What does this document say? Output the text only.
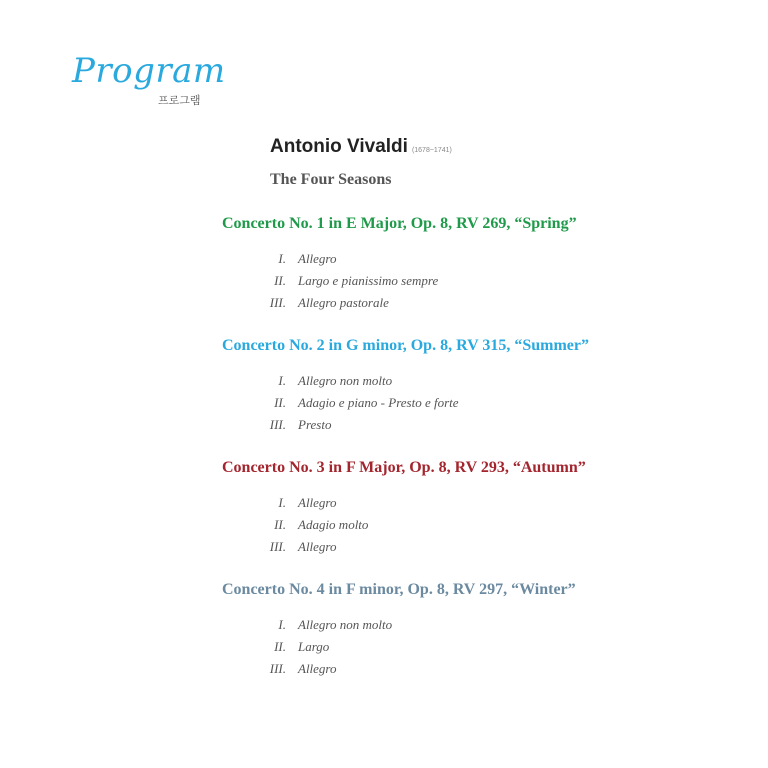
Program
프로그램
Antonio Vivaldi (1678~1741)
The Four Seasons
Concerto No. 1 in E Major, Op. 8, RV 269, “Spring”
I. Allegro
II. Largo e pianissimo sempre
III. Allegro pastorale
Concerto No. 2 in G minor, Op. 8, RV 315, “Summer”
I. Allegro non molto
II. Adagio e piano - Presto e forte
III. Presto
Concerto No. 3 in F Major, Op. 8, RV 293, “Autumn”
I. Allegro
II. Adagio molto
III. Allegro
Concerto No. 4 in F minor, Op. 8, RV 297, “Winter”
I. Allegro non molto
II. Largo
III. Allegro
